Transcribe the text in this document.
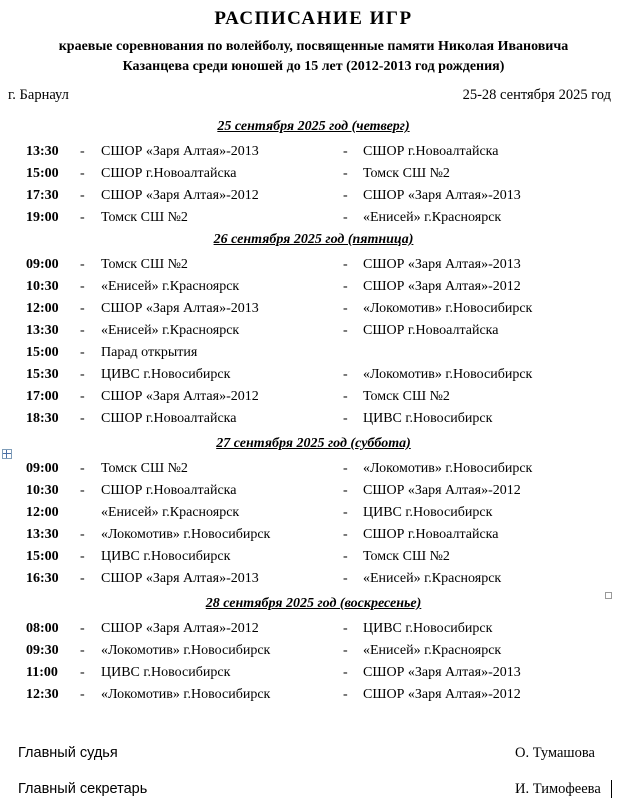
РАСПИСАНИЕ ИГР
краевые соревнования по волейболу, посвященные памяти Николая Ивановича
Казанцева среди юношей до 15 лет (2012-2013 год рождения)
г. Барнаул	25-28 сентября 2025 год
25 сентября 2025 год (четверг)
13:30 - СШОР «Заря Алтая»-2013	- СШОР г.Новоалтайска
15:00 - СШОР г.Новоалтайска	- Томск СШ №2
17:30 - СШОР «Заря Алтая»-2012	- СШОР «Заря Алтая»-2013
19:00 - Томск СШ №2	- «Енисей» г.Красноярск
26 сентября 2025 год (пятница)
09:00 - Томск СШ №2	- СШОР «Заря Алтая»-2013
10:30 - «Енисей» г.Красноярск	- СШОР «Заря Алтая»-2012
12:00 - СШОР «Заря Алтая»-2013	- «Локомотив» г.Новосибирск
13:30 - «Енисей» г.Красноярск	- СШОР г.Новоалтайска
15:00 - Парад открытия
15:30 - ЦИВС г.Новосибирск	- «Локомотив» г.Новосибирск
17:00 - СШОР «Заря Алтая»-2012	- Томск СШ №2
18:30 - СШОР г.Новоалтайска	- ЦИВС г.Новосибирск
27 сентября 2025 год (суббота)
09:00 - Томск СШ №2	- «Локомотив» г.Новосибирск
10:30 - СШОР г.Новоалтайска	- СШОР «Заря Алтая»-2012
12:00	«Енисей» г.Красноярск	- ЦИВС г.Новосибирск
13:30 - «Локомотив» г.Новосибирск	- СШОР г.Новоалтайска
15:00 - ЦИВС г.Новосибирск	- Томск СШ №2
16:30 - СШОР «Заря Алтая»-2013	- «Енисей» г.Красноярск
28 сентября 2025 год (воскресенье)
08:00 - СШОР «Заря Алтая»-2012	- ЦИВС г.Новосибирск
09:30 - «Локомотив» г.Новосибирск	- «Енисей» г.Красноярск
11:00 - ЦИВС г.Новосибирск	- СШОР «Заря Алтая»-2013
12:30 - «Локомотив» г.Новосибирск	- СШОР «Заря Алтая»-2012
Главный судья	О. Тумашова
Главный секретарь	И. Тимофеева
